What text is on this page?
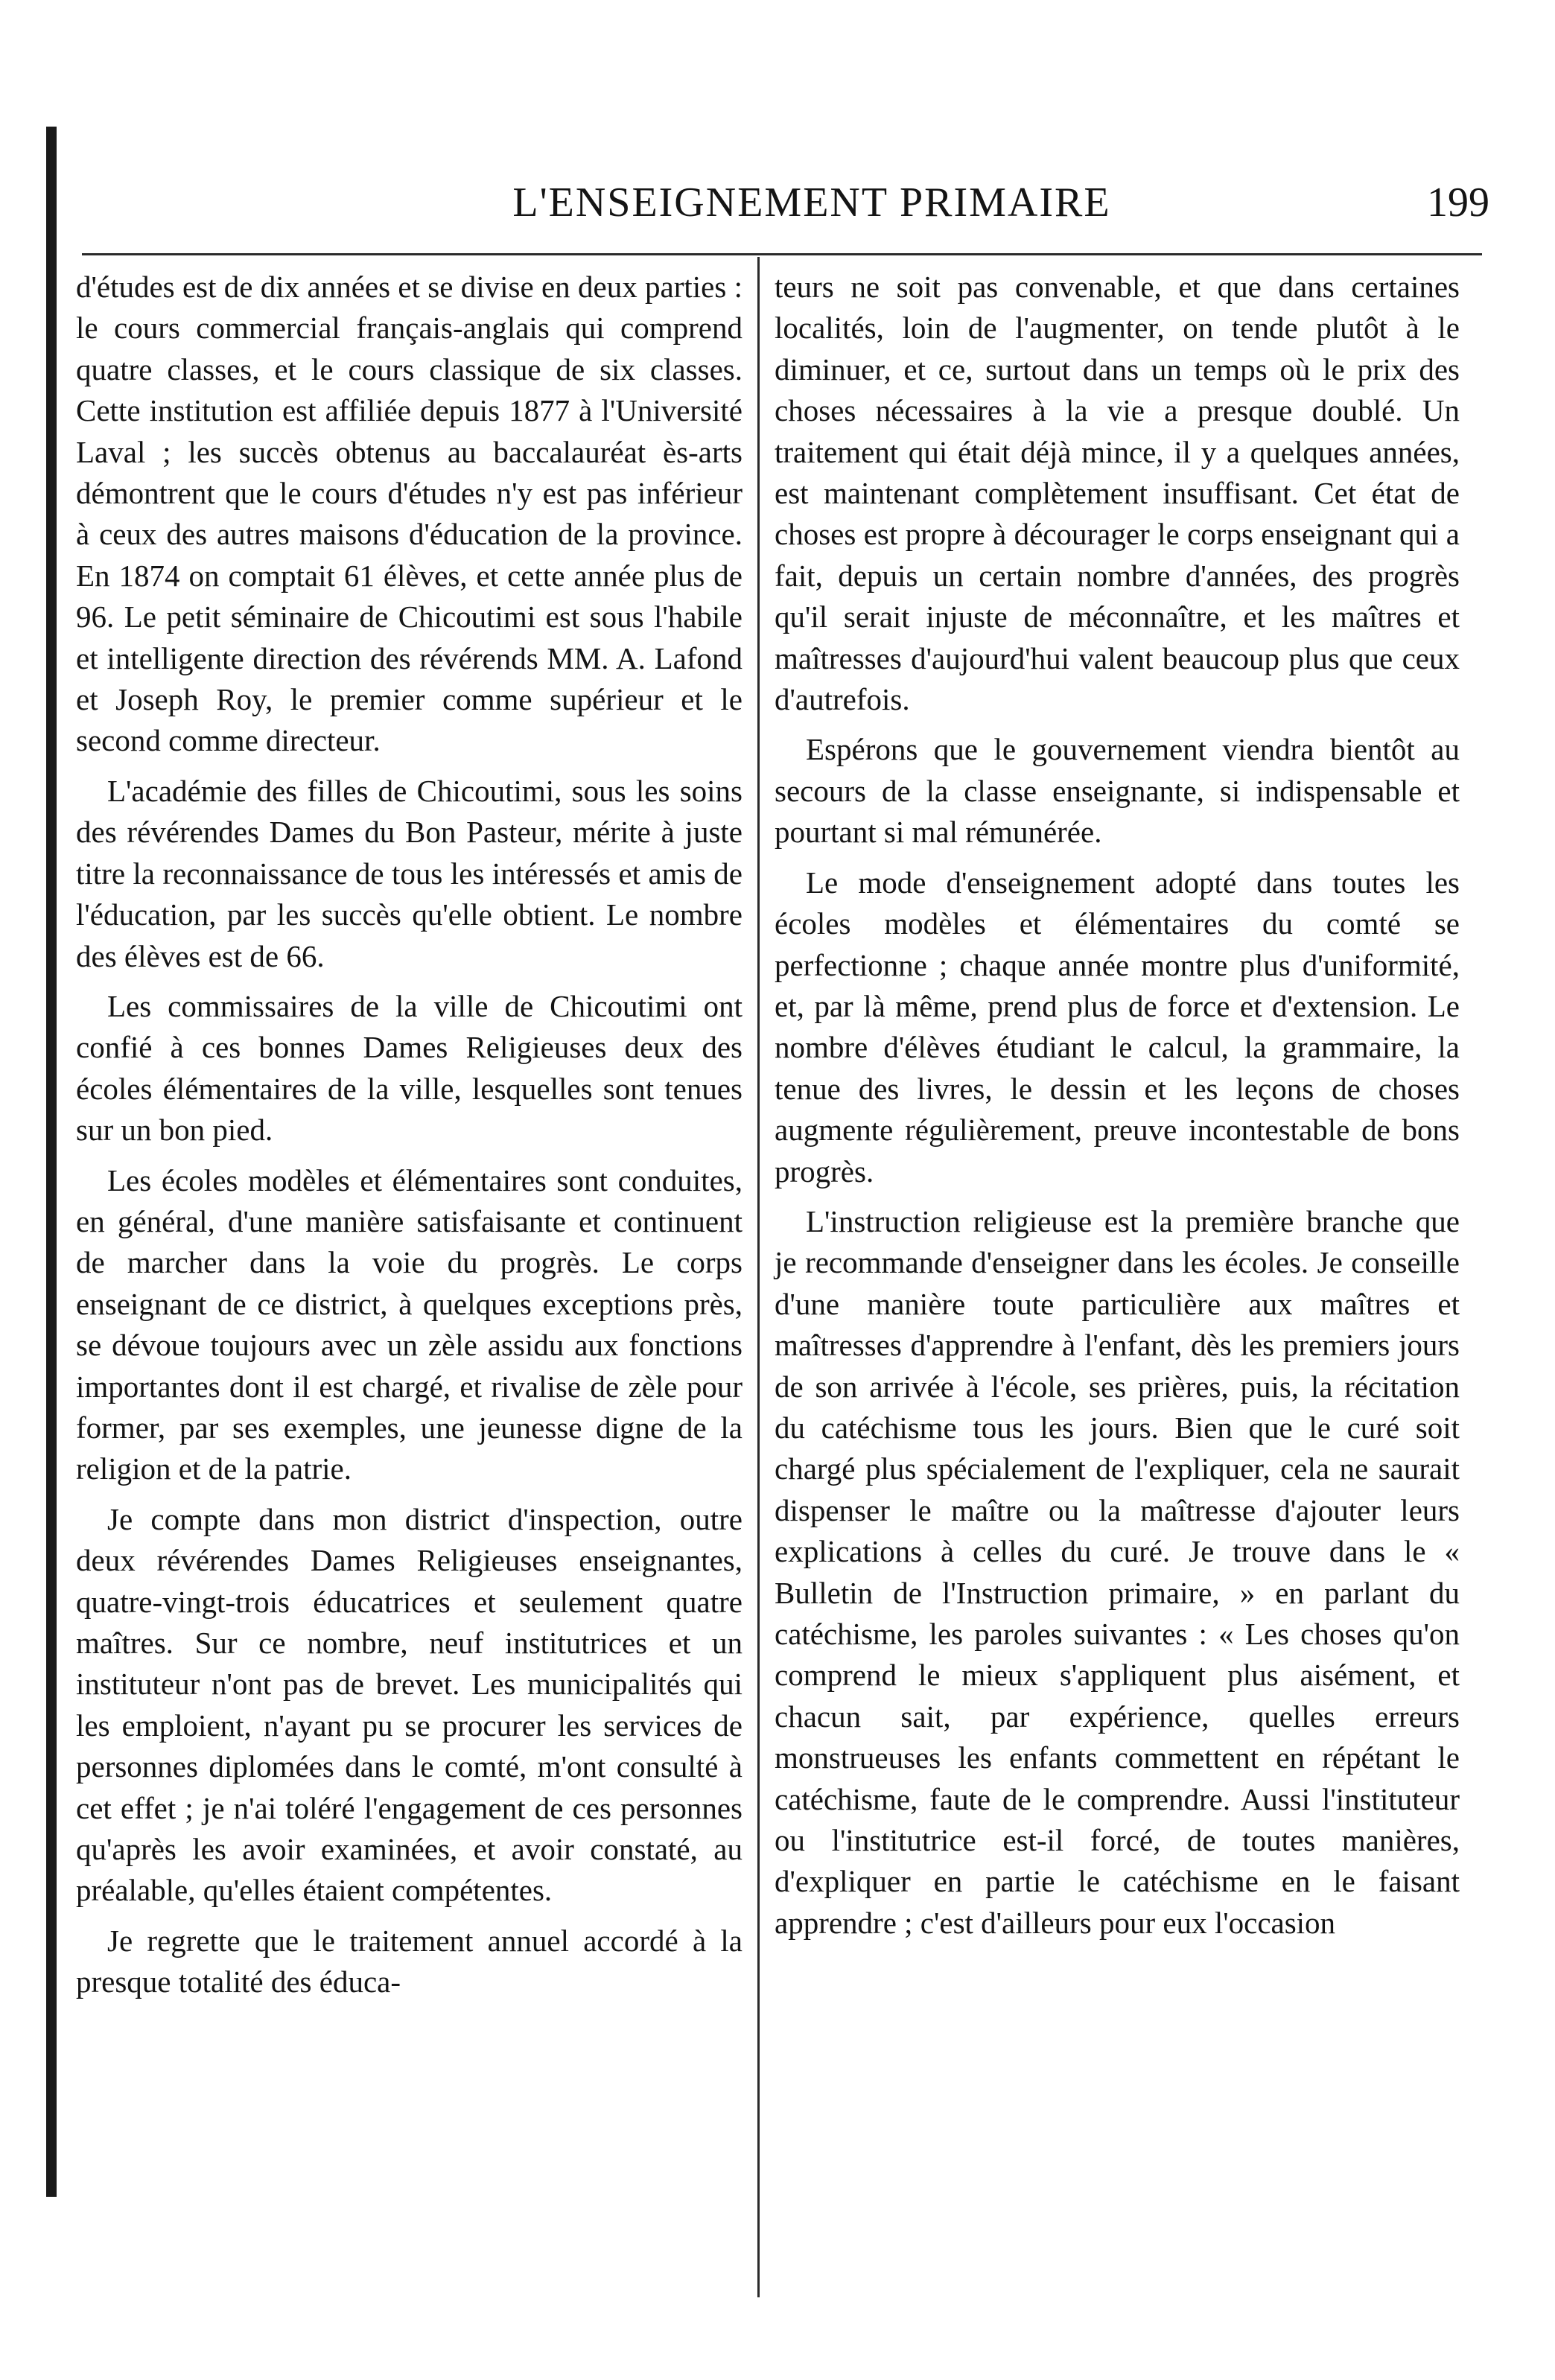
L'ENSEIGNEMENT PRIMAIRE	199

d'études est de dix années et se divise en deux parties : le cours commercial français-anglais qui comprend quatre classes, et le cours classique de six classes. Cette institution est affiliée depuis 1877 à l'Université Laval ; les succès obtenus au baccalauréat ès-arts démontrent que le cours d'études n'y est pas inférieur à ceux des autres maisons d'éducation de la province. En 1874 on comptait 61 élèves, et cette année plus de 96. Le petit séminaire de Chicoutimi est sous l'habile et intelligente direction des révérends MM. A. Lafond et Joseph Roy, le premier comme supérieur et le second comme directeur.

L'académie des filles de Chicoutimi, sous les soins des révérendes Dames du Bon Pasteur, mérite à juste titre la reconnaissance de tous les intéressés et amis de l'éducation, par les succès qu'elle obtient. Le nombre des élèves est de 66.

Les commissaires de la ville de Chicoutimi ont confié à ces bonnes Dames Religieuses deux des écoles élémentaires de la ville, lesquelles sont tenues sur un bon pied.

Les écoles modèles et élémentaires sont conduites, en général, d'une manière satisfaisante et continuent de marcher dans la voie du progrès. Le corps enseignant de ce district, à quelques exceptions près, se dévoue toujours avec un zèle assidu aux fonctions importantes dont il est chargé, et rivalise de zèle pour former, par ses exemples, une jeunesse digne de la religion et de la patrie.

Je compte dans mon district d'inspection, outre deux révérendes Dames Religieuses enseignantes, quatre-vingt-trois éducatrices et seulement quatre maîtres. Sur ce nombre, neuf institutrices et un instituteur n'ont pas de brevet. Les municipalités qui les emploient, n'ayant pu se procurer les services de personnes diplomées dans le comté, m'ont consulté à cet effet ; je n'ai toléré l'engagement de ces personnes qu'après les avoir examinées, et avoir constaté, au préalable, qu'elles étaient compétentes.

Je regrette que le traitement annuel accordé à la presque totalité des éduca-

teurs ne soit pas convenable, et que dans certaines localités, loin de l'augmenter, on tende plutôt à le diminuer, et ce, surtout dans un temps où le prix des choses nécessaires à la vie a presque doublé. Un traitement qui était déjà mince, il y a quelques années, est maintenant complètement insuffisant. Cet état de choses est propre à décourager le corps enseignant qui a fait, depuis un certain nombre d'années, des progrès qu'il serait injuste de méconnaître, et les maîtres et maîtresses d'aujourd'hui valent beaucoup plus que ceux d'autrefois.

Espérons que le gouvernement viendra bientôt au secours de la classe enseignante, si indispensable et pourtant si mal rémunérée.

Le mode d'enseignement adopté dans toutes les écoles modèles et élémentaires du comté se perfectionne ; chaque année montre plus d'uniformité, et, par là même, prend plus de force et d'extension. Le nombre d'élèves étudiant le calcul, la grammaire, la tenue des livres, le dessin et les leçons de choses augmente régulièrement, preuve incontestable de bons progrès.

L'instruction religieuse est la première branche que je recommande d'enseigner dans les écoles. Je conseille d'une manière toute particulière aux maîtres et maîtresses d'apprendre à l'enfant, dès les premiers jours de son arrivée à l'école, ses prières, puis, la récitation du catéchisme tous les jours. Bien que le curé soit chargé plus spécialement de l'expliquer, cela ne saurait dispenser le maître ou la maîtresse d'ajouter leurs explications à celles du curé. Je trouve dans le « Bulletin de l'Instruction primaire, » en parlant du catéchisme, les paroles suivantes : « Les choses qu'on comprend le mieux s'appliquent plus aisément, et chacun sait, par expérience, quelles erreurs monstrueuses les enfants commettent en répétant le catéchisme, faute de le comprendre. Aussi l'instituteur ou l'institutrice est-il forcé, de toutes manières, d'expliquer en partie le catéchisme en le faisant apprendre ; c'est d'ailleurs pour eux l'occasion
